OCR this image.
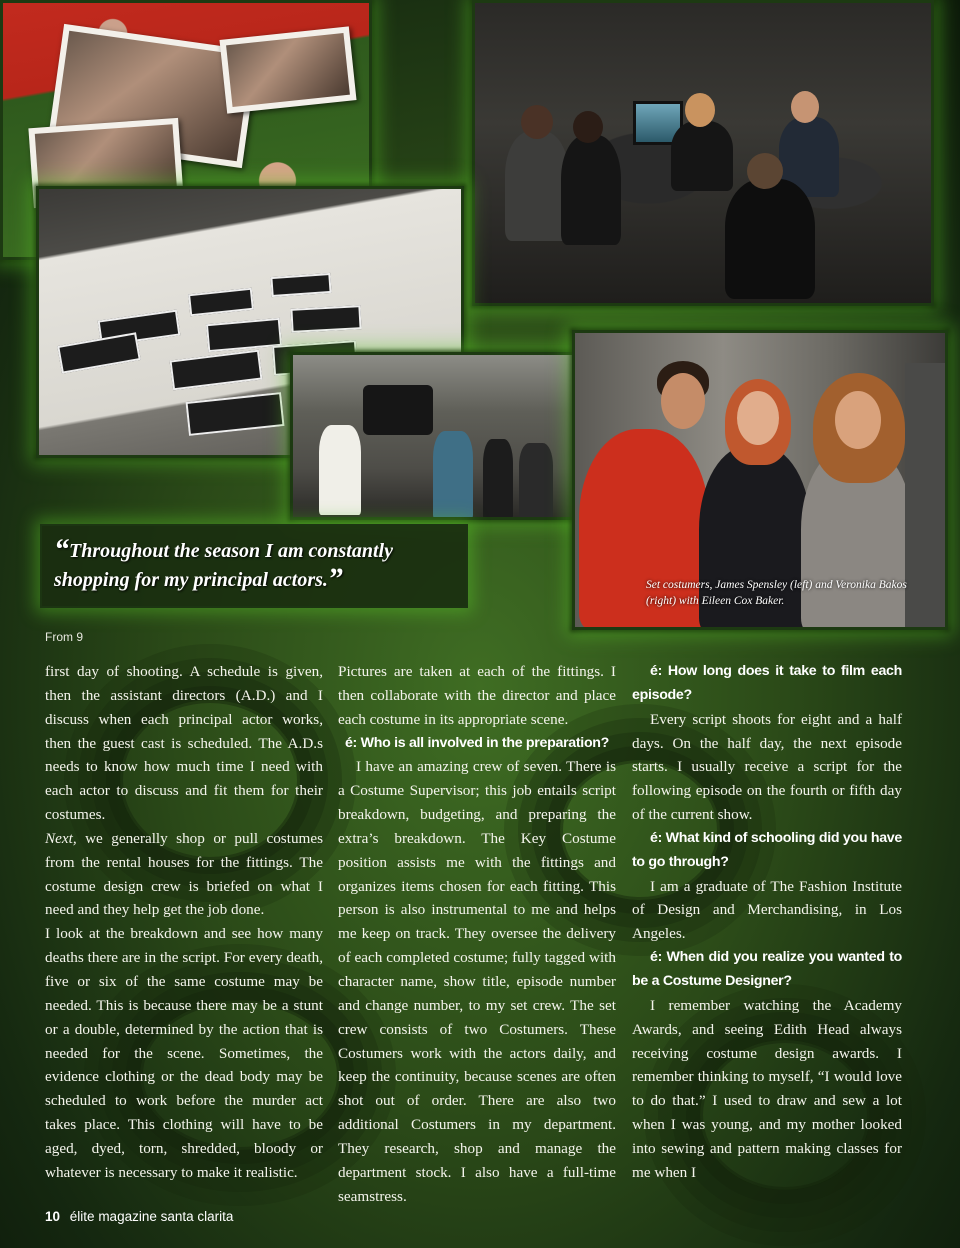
Set costumers, James Spensley (left) and Veronika Bakos (right) with Eileen Cox Baker.

“Throughout the season I am constantly shopping for my principal actors.”

From 9

first day of shooting. A schedule is given, then the assistant directors (A.D.) and I discuss when each principal actor works, then the guest cast is scheduled. The A.D.s needs to know how much time I need with each actor to discuss and fit them for their costumes.

Next, we generally shop or pull costumes from the rental houses for the fittings. The costume design crew is briefed on what I need and they help get the job done.

I look at the breakdown and see how many deaths there are in the script. For every death, five or six of the same costume may be needed. This is because there may be a stunt or a double, determined by the action that is needed for the scene. Sometimes, the evidence clothing or the dead body may be scheduled to work before the murder act takes place. This clothing will have to be aged, dyed, torn, shredded, bloody or whatever is necessary to make it realistic.

Pictures are taken at each of the fittings. I then collaborate with the director and place each costume in its appropriate scene.

é: Who is all involved in the preparation?

I have an amazing crew of seven. There is a Costume Supervisor; this job entails script breakdown, budgeting, and preparing the extra’s breakdown. The Key Costume position assists me with the fittings and organizes items chosen for each fitting. This person is also instrumental to me and helps me keep on track. They oversee the delivery of each completed costume; fully tagged with character name, show title, episode number and change number, to my set crew. The set crew consists of two Costumers. These Costumers work with the actors daily, and keep the continuity, because scenes are often shot out of order. There are also two additional Costumers in my department. They research, shop and manage the department stock. I also have a full-time seamstress.

é: How long does it take to film each episode?

Every script shoots for eight and a half days. On the half day, the next episode starts. I usually receive a script for the following episode on the fourth or fifth day of the current show.

é: What kind of schooling did you have to go through?

I am a graduate of The Fashion Institute of Design and Merchandising, in Los Angeles.

é: When did you realize you wanted to be a Costume Designer?

I remember watching the Academy Awards, and seeing Edith Head always receiving costume design awards. I remember thinking to myself, “I would love to do that.” I used to draw and sew a lot when I was young, and my mother looked into sewing and pattern making classes for me when I

10 élite magazine santa clarita
